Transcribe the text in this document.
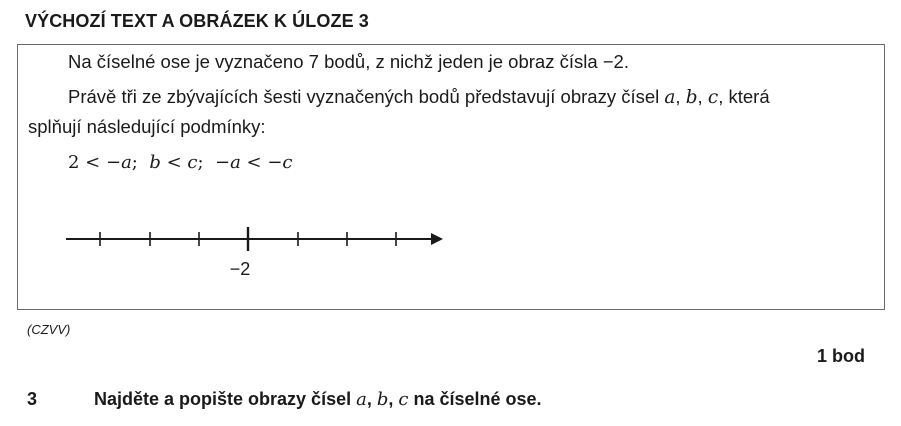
VÝCHOZÍ TEXT A OBRÁZEK K ÚLOZE 3
Na číselné ose je vyznačeno 7 bodů, z nichž jeden je obraz čísla −2.
Právě tři ze zbývajících šesti vyznačených bodů představují obrazy čísel a, b, c, která
splňují následující podmínky:
2 < −a;  b < c;  −a < −c
−2
(CZVV)
1 bod
3	Najděte a popište obrazy čísel a, b, c na číselné ose.
